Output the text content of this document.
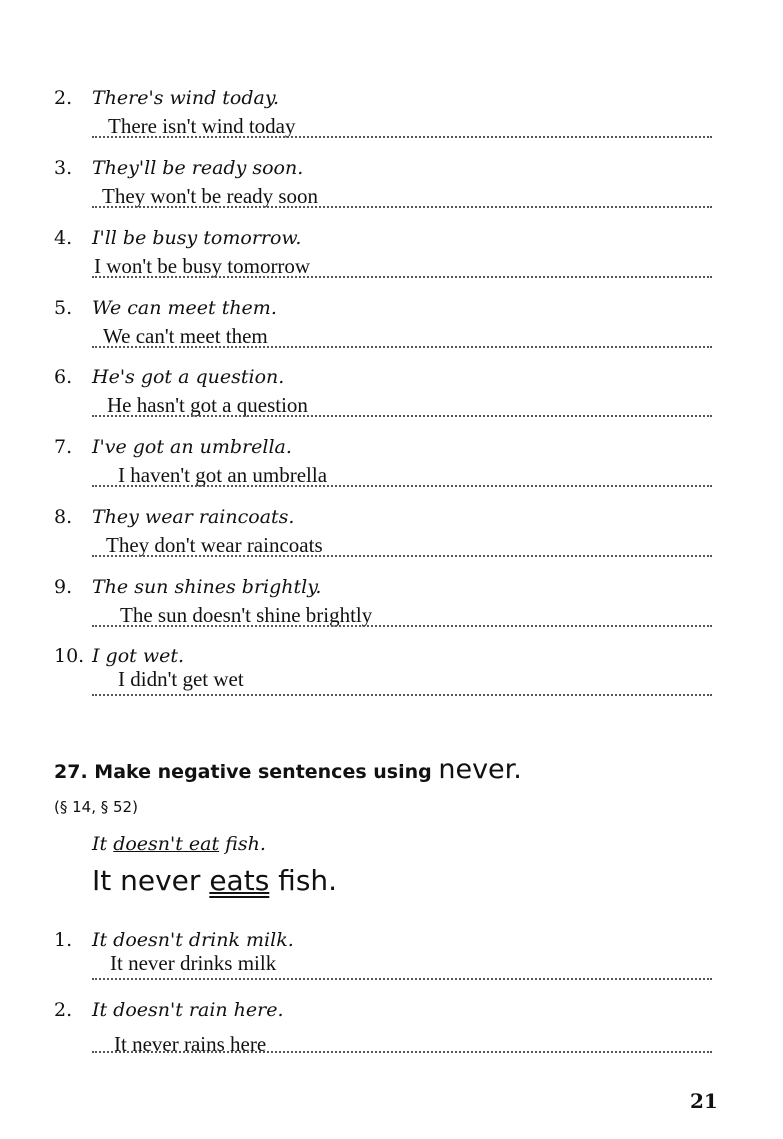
2. There's wind today.
There isn't wind today
3. They'll be ready soon.
They won't be ready soon
4. I'll be busy tomorrow.
I won't be busy tomorrow
5. We can meet them.
We can't meet them
6. He's got a question.
He hasn't got a question
7. I've got an umbrella.
I haven't got an umbrella
8. They wear raincoats.
They don't wear raincoats
9. The sun shines brightly.
The sun doesn't shine brightly
10. I got wet.
I didn't get wet
27. Make negative sentences using never.
(§ 14, § 52)
It doesn't eat fish.
It never eats fish.
1. It doesn't drink milk.
It never drinks milk
2. It doesn't rain here.
It never rains here
21
